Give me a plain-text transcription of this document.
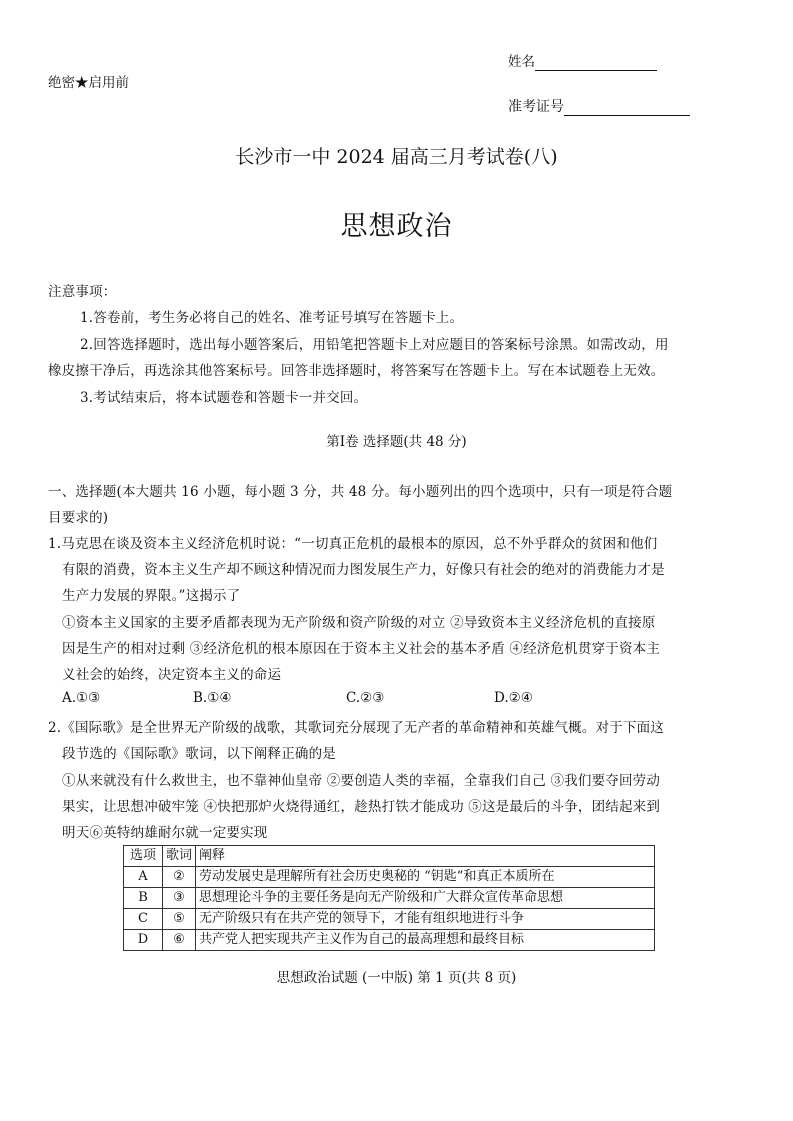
姓名
绝密★启用前
准考证号
长沙市一中 2024 届高三月考试卷(八)
思想政治
注意事项：
1.答卷前，考生务必将自己的姓名、准考证号填写在答题卡上。
2.回答选择题时，选出每小题答案后，用铅笔把答题卡上对应题目的答案标号涂黑。如需改动，用
橡皮擦干净后，再选涂其他答案标号。回答非选择题时，将答案写在答题卡上。写在本试题卷上无效。
3.考试结束后，将本试题卷和答题卡一并交回。
第Ⅰ卷 选择题(共 48 分)
一、选择题(本大题共 16 小题，每小题 3 分，共 48 分。每小题列出的四个选项中，只有一项是符合题
目要求的)
1.马克思在谈及资本主义经济危机时说：“一切真正危机的最根本的原因，总不外乎群众的贫困和他们
有限的消费，资本主义生产却不顾这种情况而力图发展生产力，好像只有社会的绝对的消费能力才是
生产力发展的界限。”这揭示了
①资本主义国家的主要矛盾都表现为无产阶级和资产阶级的对立 ②导致资本主义经济危机的直接原
因是生产的相对过剩 ③经济危机的根本原因在于资本主义社会的基本矛盾 ④经济危机贯穿于资本主
义社会的始终，决定资本主义的命运
A.①③	B.①④	C.②③	D.②④
2.《国际歌》是全世界无产阶级的战歌，其歌词充分展现了无产者的革命精神和英雄气概。对于下面这
段节选的《国际歌》歌词，以下阐释正确的是
①从来就没有什么救世主，也不靠神仙皇帝 ②要创造人类的幸福，全靠我们自己 ③我们要夺回劳动
果实，让思想冲破牢笼 ④快把那炉火烧得通红，趁热打铁才能成功 ⑤这是最后的斗争，团结起来到
明天⑥英特纳雄耐尔就一定要实现
选项	歌词	阐释
A	②	劳动发展史是理解所有社会历史奥秘的 “钥匙”和真正本质所在
B	③	思想理论斗争的主要任务是向无产阶级和广大群众宣传革命思想
C	⑤	无产阶级只有在共产党的领导下，才能有组织地进行斗争
D	⑥	共产党人把实现共产主义作为自己的最高理想和最终目标
思想政治试题 (一中版) 第 1 页(共 8 页)
